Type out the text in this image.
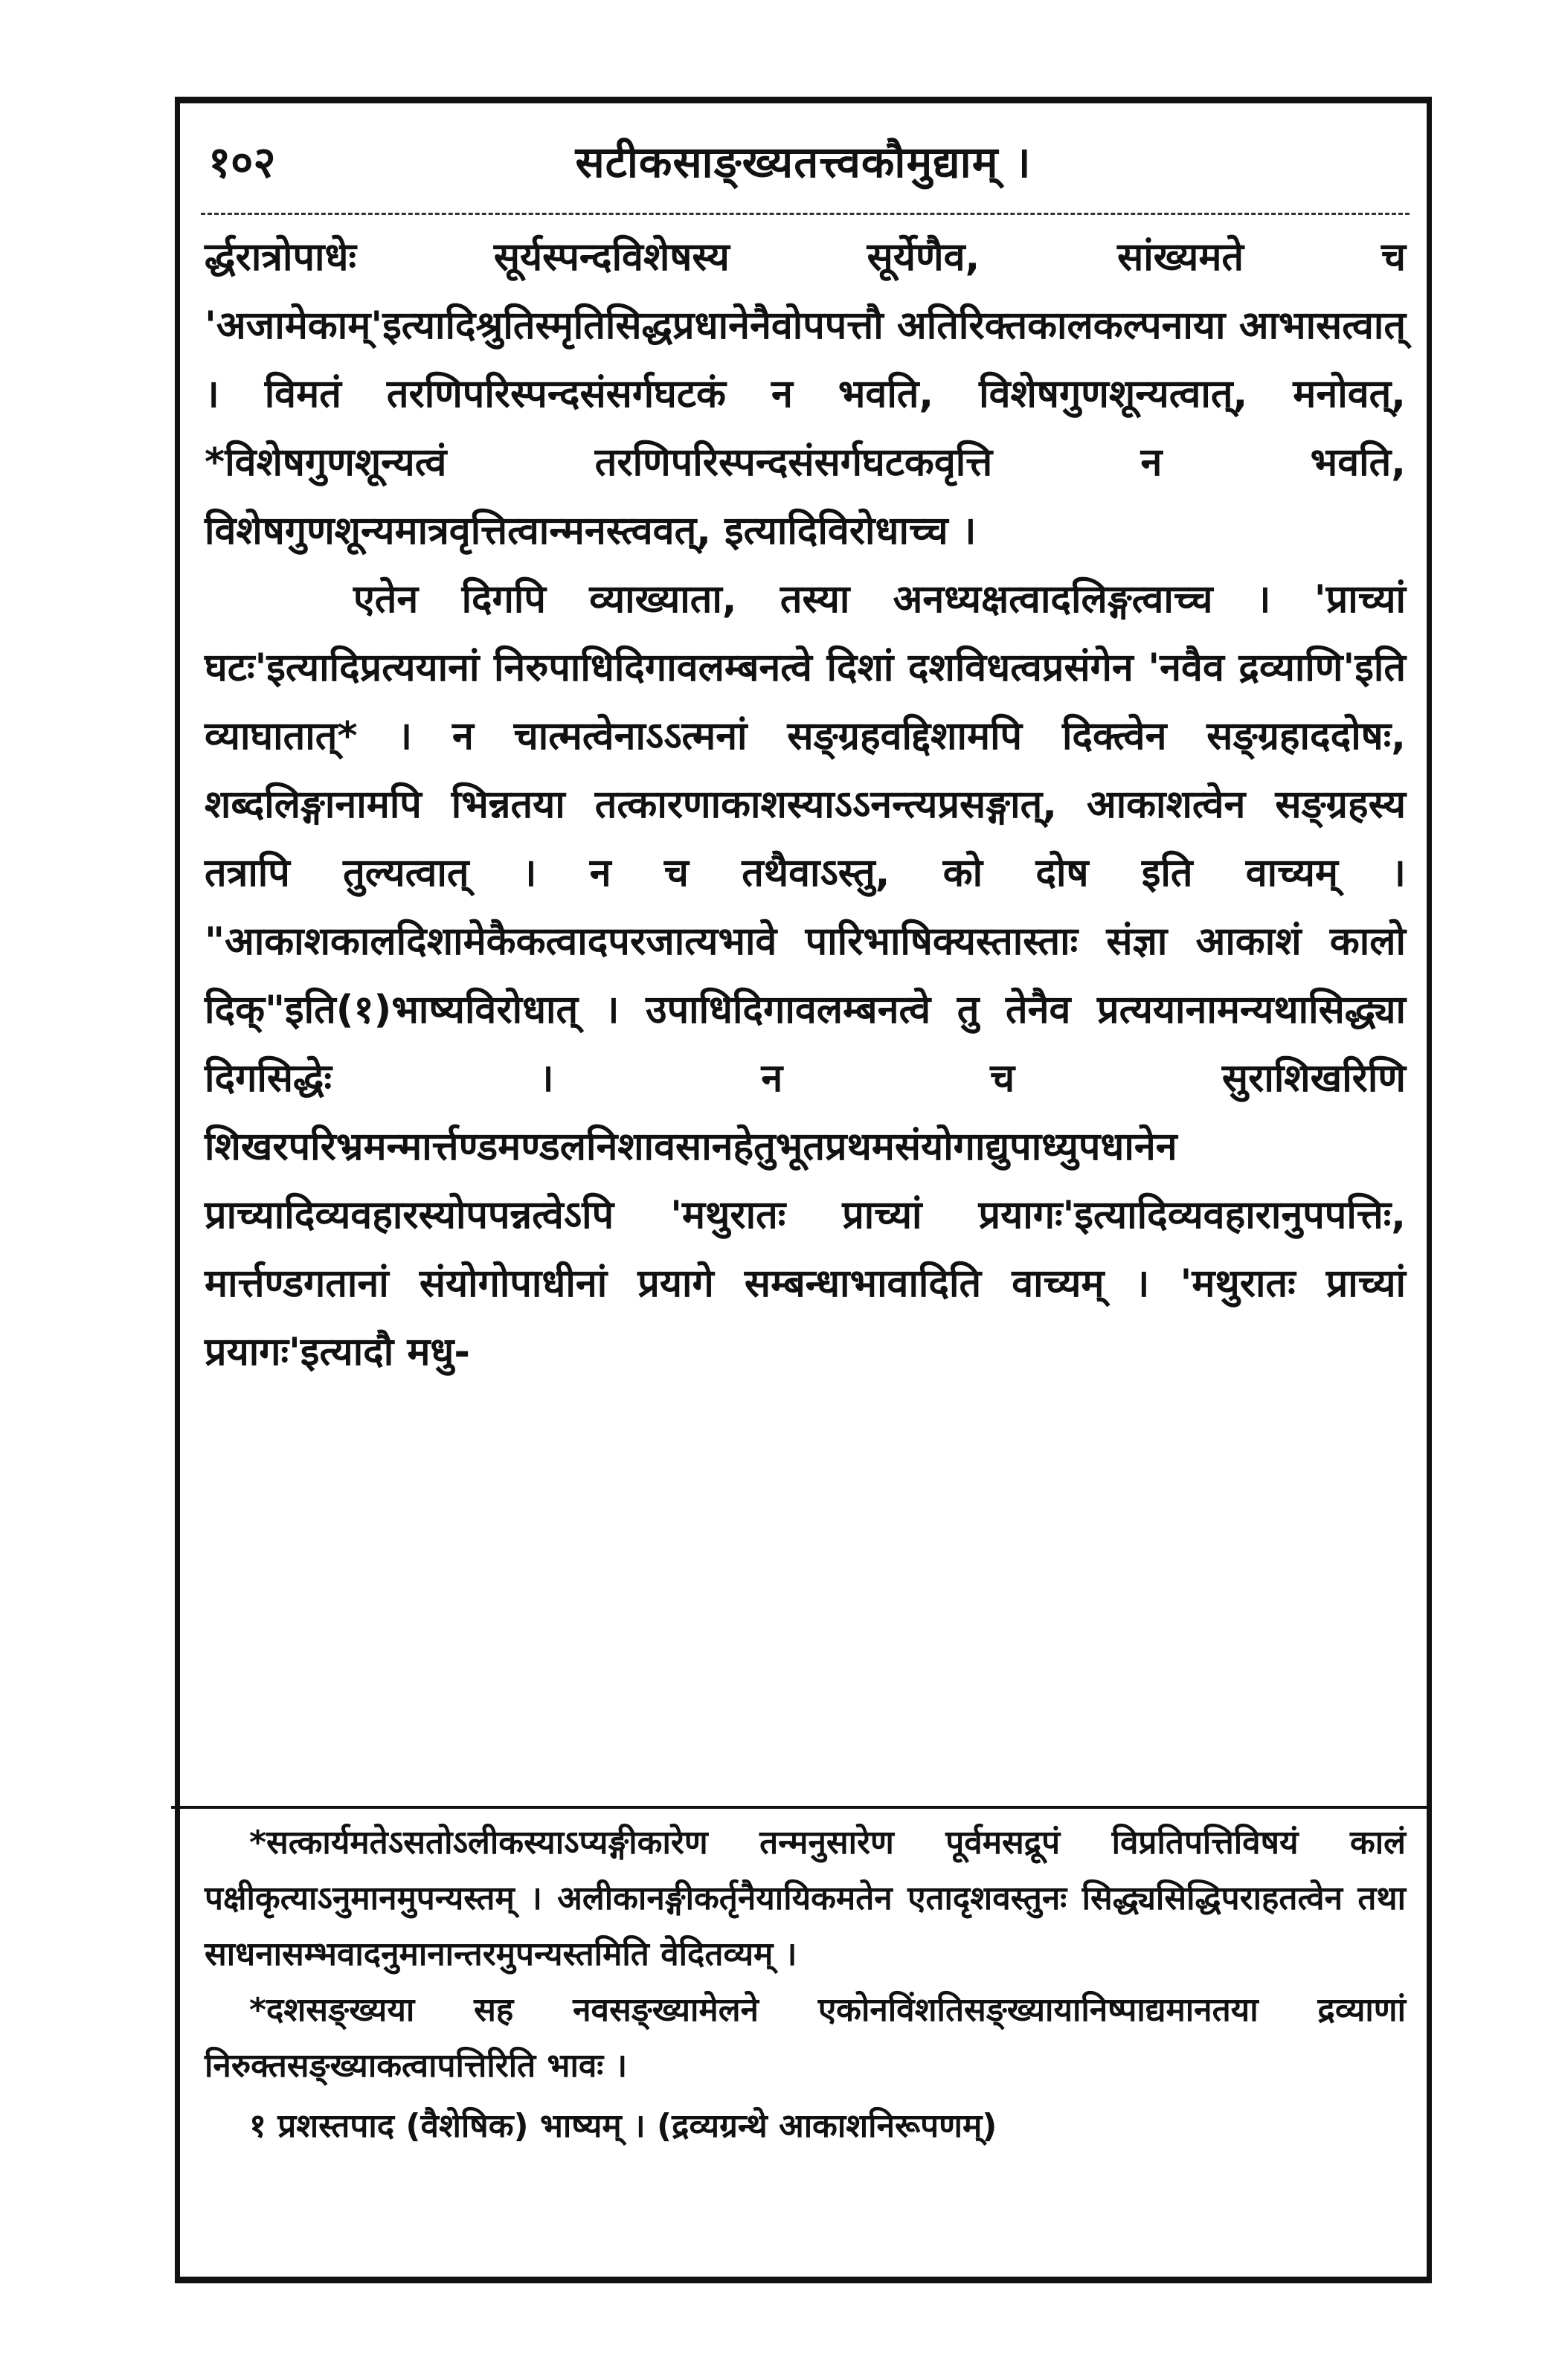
१०२	सटीकसाङ्ख्यतत्त्वकौमुद्याम् ।

र्द्धरात्रोपाधेः सूर्यस्पन्दविशेषस्य सूर्येणैव, सांख्यमते च 'अजामेकाम्'इत्यादिश्रुतिस्मृतिसिद्धप्रधानेनैवोपपत्तौ अतिरिक्तकालकल्पनाया आभासत्वात् । विमतं तरणिपरिस्पन्दसंसर्गघटकं न भवति, विशेषगुणशून्यत्वात्, मनोवत्, *विशेषगुणशून्यत्वं तरणिपरिस्पन्दसंसर्गघटकवृत्ति न भवति, विशेषगुणशून्यमात्रवृत्तित्वान्मनस्त्ववत्, इत्यादिविरोधाच्च ।

एतेन दिगपि व्याख्याता, तस्या अनध्यक्षत्वादलिङ्गत्वाच्च । 'प्राच्यां घटः'इत्यादिप्रत्ययानां निरुपाधिदिगावलम्बनत्वे दिशां दशविधत्वप्रसंगेन 'नवैव द्रव्याणि'इति व्याघातात्* । न चात्मत्वेनाऽऽत्मनां सङ्ग्रहवद्दिशामपि दिक्त्वेन सङ्ग्रहाददोषः, शब्दलिङ्गानामपि भिन्नतया तत्कारणाकाशस्याऽऽनन्त्यप्रसङ्गात्, आकाशत्वेन सङ्ग्रहस्य तत्रापि तुल्यत्वात् । न च तथैवाऽस्तु, को दोष इति वाच्यम् । "आकाशकालदिशामेकैकत्वादपरजात्यभावे पारिभाषिक्यस्तास्ताः संज्ञा आकाशं कालो दिक्"इति(१)भाष्यविरोधात् । उपाधिदिगावलम्बनत्वे तु तेनैव प्रत्ययानामन्यथासिद्ध्या दिगसिद्धेः । न च सुराशिखरिणि शिखरपरिभ्रमन्मार्त्तण्डमण्डलनिशावसानहेतुभूतप्रथमसंयोगाद्युपाध्युपधानेन प्राच्यादिव्यवहारस्योपपन्नत्वेऽपि 'मथुरातः प्राच्यां प्रयागः'इत्यादिव्यवहारानुपपत्तिः, मार्त्तण्डगतानां संयोगोपाधीनां प्रयागे सम्बन्धाभावादिति वाच्यम् । 'मथुरातः प्राच्यां प्रयागः'इत्यादौ मधु-

*सत्कार्यमतेऽसतोऽलीकस्याऽप्यङ्गीकारेण तन्मनुसारेण पूर्वमसद्रूपं विप्रतिपत्तिविषयं कालं पक्षीकृत्याऽनुमानमुपन्यस्तम् । अलीकानङ्गीकर्तृनैयायिकमतेन एतादृशवस्तुनः सिद्ध्यसिद्धिपराहतत्वेन तथा साधनासम्भवादनुमानान्तरमुपन्यस्तमिति वेदितव्यम् ।

*दशसङ्ख्यया सह नवसङ्ख्यामेलने एकोनविंशतिसङ्ख्यायानिष्पाद्यमानतया द्रव्याणां निरुक्तसङ्ख्याकत्वापत्तिरिति भावः ।

१ प्रशस्तपाद (वैशेषिक) भाष्यम् । (द्रव्यग्रन्थे आकाशनिरूपणम्)
